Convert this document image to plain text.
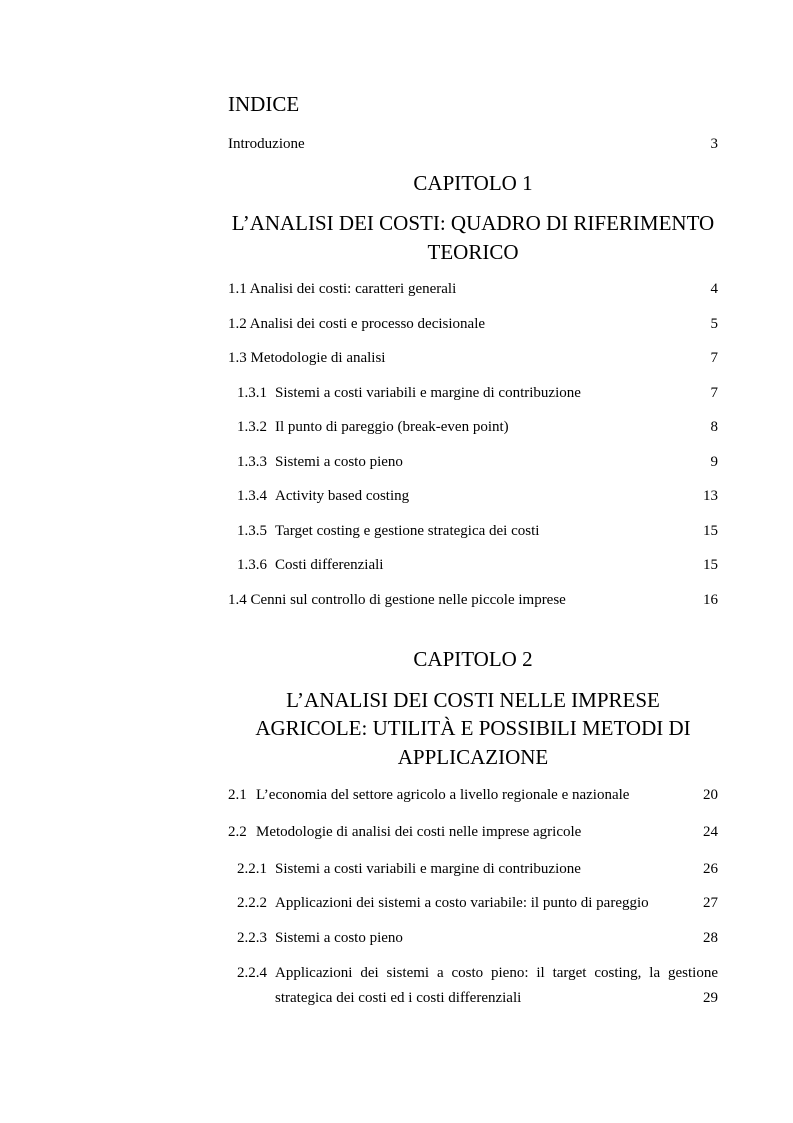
INDICE
Introduzione	3
CAPITOLO 1
L’ANALISI DEI COSTI: QUADRO DI RIFERIMENTO
TEORICO
1.1 Analisi dei costi: caratteri generali	4
1.2 Analisi dei costi e processo decisionale	5
1.3 Metodologie di analisi	7
1.3.1 Sistemi a costi variabili e margine di contribuzione	7
1.3.2 Il punto di pareggio (break-even point)	8
1.3.3 Sistemi a costo pieno	9
1.3.4 Activity based costing	13
1.3.5 Target costing e gestione strategica dei costi	15
1.3.6 Costi differenziali	15
1.4 Cenni sul controllo di gestione nelle piccole imprese	16
CAPITOLO 2
L’ANALISI DEI COSTI NELLE IMPRESE
AGRICOLE: UTILITÀ E POSSIBILI METODI DI
APPLICAZIONE
2.1 L’economia del settore agricolo a livello regionale e nazionale	20
2.2 Metodologie di analisi dei costi nelle imprese agricole	24
2.2.1 Sistemi a costi variabili e margine di contribuzione	26
2.2.2 Applicazioni dei sistemi a costo variabile: il punto di pareggio	27
2.2.3 Sistemi a costo pieno	28
2.2.4 Applicazioni dei sistemi a costo pieno: il target costing, la gestione
strategica dei costi ed i costi differenziali	29
